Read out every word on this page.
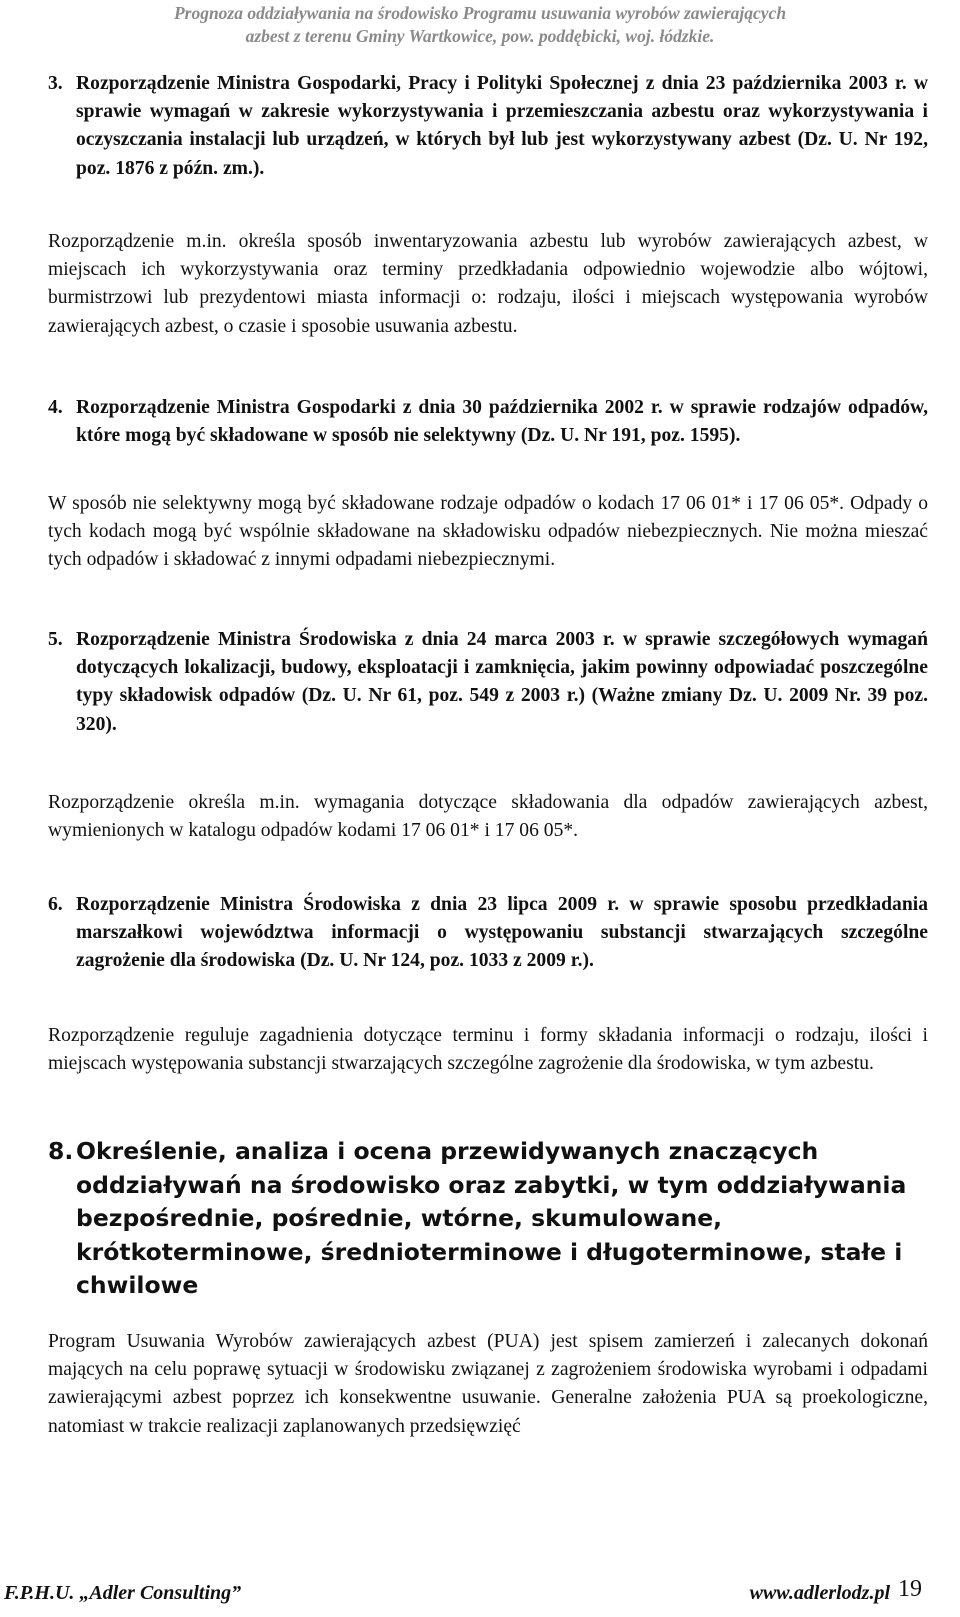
Prognoza oddziaływania na środowisko Programu usuwania wyrobów zawierających
azbest z terenu Gminy Wartkowice, pow. poddębicki, woj. łódzkie.
3. Rozporządzenie Ministra Gospodarki, Pracy i Polityki Społecznej z dnia 23 października 2003 r. w sprawie wymagań w zakresie wykorzystywania i przemieszczania azbestu oraz wykorzystywania i oczyszczania instalacji lub urządzeń, w których był lub jest wykorzystywany azbest (Dz. U. Nr 192, poz. 1876 z późn. zm.).
Rozporządzenie m.in. określa sposób inwentaryzowania azbestu lub wyrobów zawierających azbest, w miejscach ich wykorzystywania oraz terminy przedkładania odpowiednio wojewodzie albo wójtowi, burmistrzowi lub prezydentowi miasta informacji o: rodzaju, ilości i miejscach występowania wyrobów zawierających azbest, o czasie i sposobie usuwania azbestu.
4. Rozporządzenie Ministra Gospodarki z dnia 30 października 2002 r. w sprawie rodzajów odpadów, które mogą być składowane w sposób nie selektywny (Dz. U. Nr 191, poz. 1595).
W sposób nie selektywny mogą być składowane rodzaje odpadów o kodach 17 06 01* i 17 06 05*. Odpady o tych kodach mogą być wspólnie składowane na składowisku odpadów niebezpiecznych. Nie można mieszać tych odpadów i składować z innymi odpadami niebezpiecznymi.
5. Rozporządzenie Ministra Środowiska z dnia 24 marca 2003 r. w sprawie szczegółowych wymagań dotyczących lokalizacji, budowy, eksploatacji i zamknięcia, jakim powinny odpowiadać poszczególne typy składowisk odpadów (Dz. U. Nr 61, poz. 549 z 2003 r.) (Ważne zmiany Dz. U. 2009 Nr. 39 poz. 320).
Rozporządzenie określa m.in. wymagania dotyczące składowania dla odpadów zawierających azbest, wymienionych w katalogu odpadów kodami 17 06 01* i 17 06 05*.
6. Rozporządzenie Ministra Środowiska z dnia 23 lipca 2009 r. w sprawie sposobu przedkładania marszałkowi województwa informacji o występowaniu substancji stwarzających szczególne zagrożenie dla środowiska (Dz. U. Nr 124, poz. 1033 z 2009 r.).
Rozporządzenie reguluje zagadnienia dotyczące terminu i formy składania informacji o rodzaju, ilości i miejscach występowania substancji stwarzających szczególne zagrożenie dla środowiska, w tym azbestu.
8. Określenie, analiza i ocena przewidywanych znaczących oddziaływań na środowisko oraz zabytki, w tym oddziaływania bezpośrednie, pośrednie, wtórne, skumulowane, krótkoterminowe, średnioterminowe i długoterminowe, stałe i chwilowe
Program Usuwania Wyrobów zawierających azbest (PUA) jest spisem zamierzeń i zalecanych dokonań mających na celu poprawę sytuacji w środowisku związanej z zagrożeniem środowiska wyrobami i odpadami zawierającymi azbest poprzez ich konsekwentne usuwanie. Generalne założenia PUA są proekologiczne, natomiast w trakcie realizacji zaplanowanych przedsięwzięć
F.P.H.U. „Adler Consulting”	www.adlerlodz.pl 19
